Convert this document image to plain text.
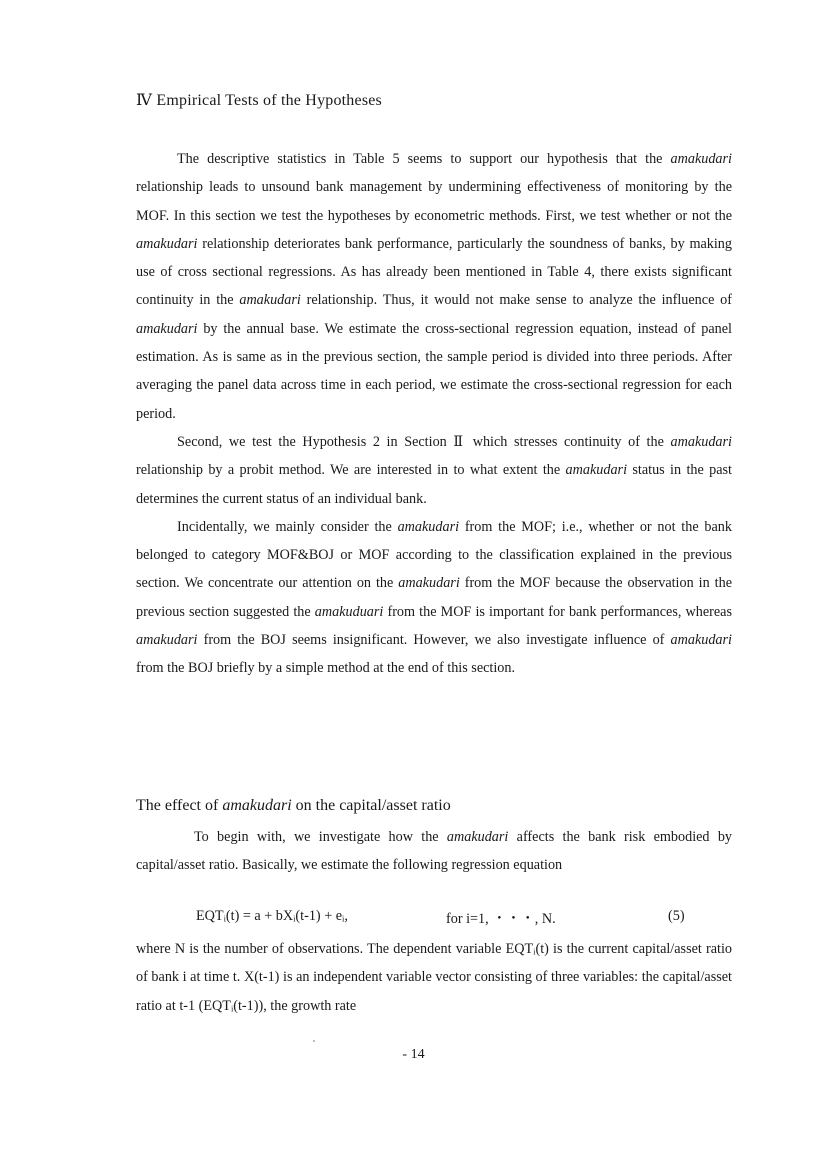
Ⅳ Empirical Tests of the Hypotheses

The descriptive statistics in Table 5 seems to support our hypothesis that the amakudari relationship leads to unsound bank management by undermining effectiveness of monitoring by the MOF. In this section we test the hypotheses by econometric methods. First, we test whether or not the amakudari relationship deteriorates bank performance, particularly the soundness of banks, by making use of cross sectional regressions. As has already been mentioned in Table 4, there exists significant continuity in the amakudari relationship. Thus, it would not make sense to analyze the influence of amakudari by the annual base. We estimate the cross-sectional regression equation, instead of panel estimation. As is same as in the previous section, the sample period is divided into three periods. After averaging the panel data across time in each period, we estimate the cross-sectional regression for each period.

Second, we test the Hypothesis 2 in Section Ⅱ which stresses continuity of the amakudari relationship by a probit method. We are interested in to what extent the amakudari status in the past determines the current status of an individual bank.

Incidentally, we mainly consider the amakudari from the MOF; i.e., whether or not the bank belonged to category MOF&BOJ or MOF according to the classification explained in the previous section. We concentrate our attention on the amakudari from the MOF because the observation in the previous section suggested the amakuduari from the MOF is important for bank performances, whereas amakudari from the BOJ seems insignificant. However, we also investigate influence of amakudari from the BOJ briefly by a simple method at the end of this section.

The effect of amakudari on the capital/asset ratio

To begin with, we investigate how the amakudari affects the bank risk embodied by capital/asset ratio. Basically, we estimate the following regression equation

EQTᵢ(t) = a + bXᵢ(t-1) + eᵢ,	for i=1, ・・・, N.	(5)

where N is the number of observations. The dependent variable EQTᵢ(t) is the current capital/asset ratio of bank i at time t. X(t-1) is an independent variable vector consisting of three variables: the capital/asset ratio at t-1 (EQTᵢ(t-1)), the growth rate

- 14
